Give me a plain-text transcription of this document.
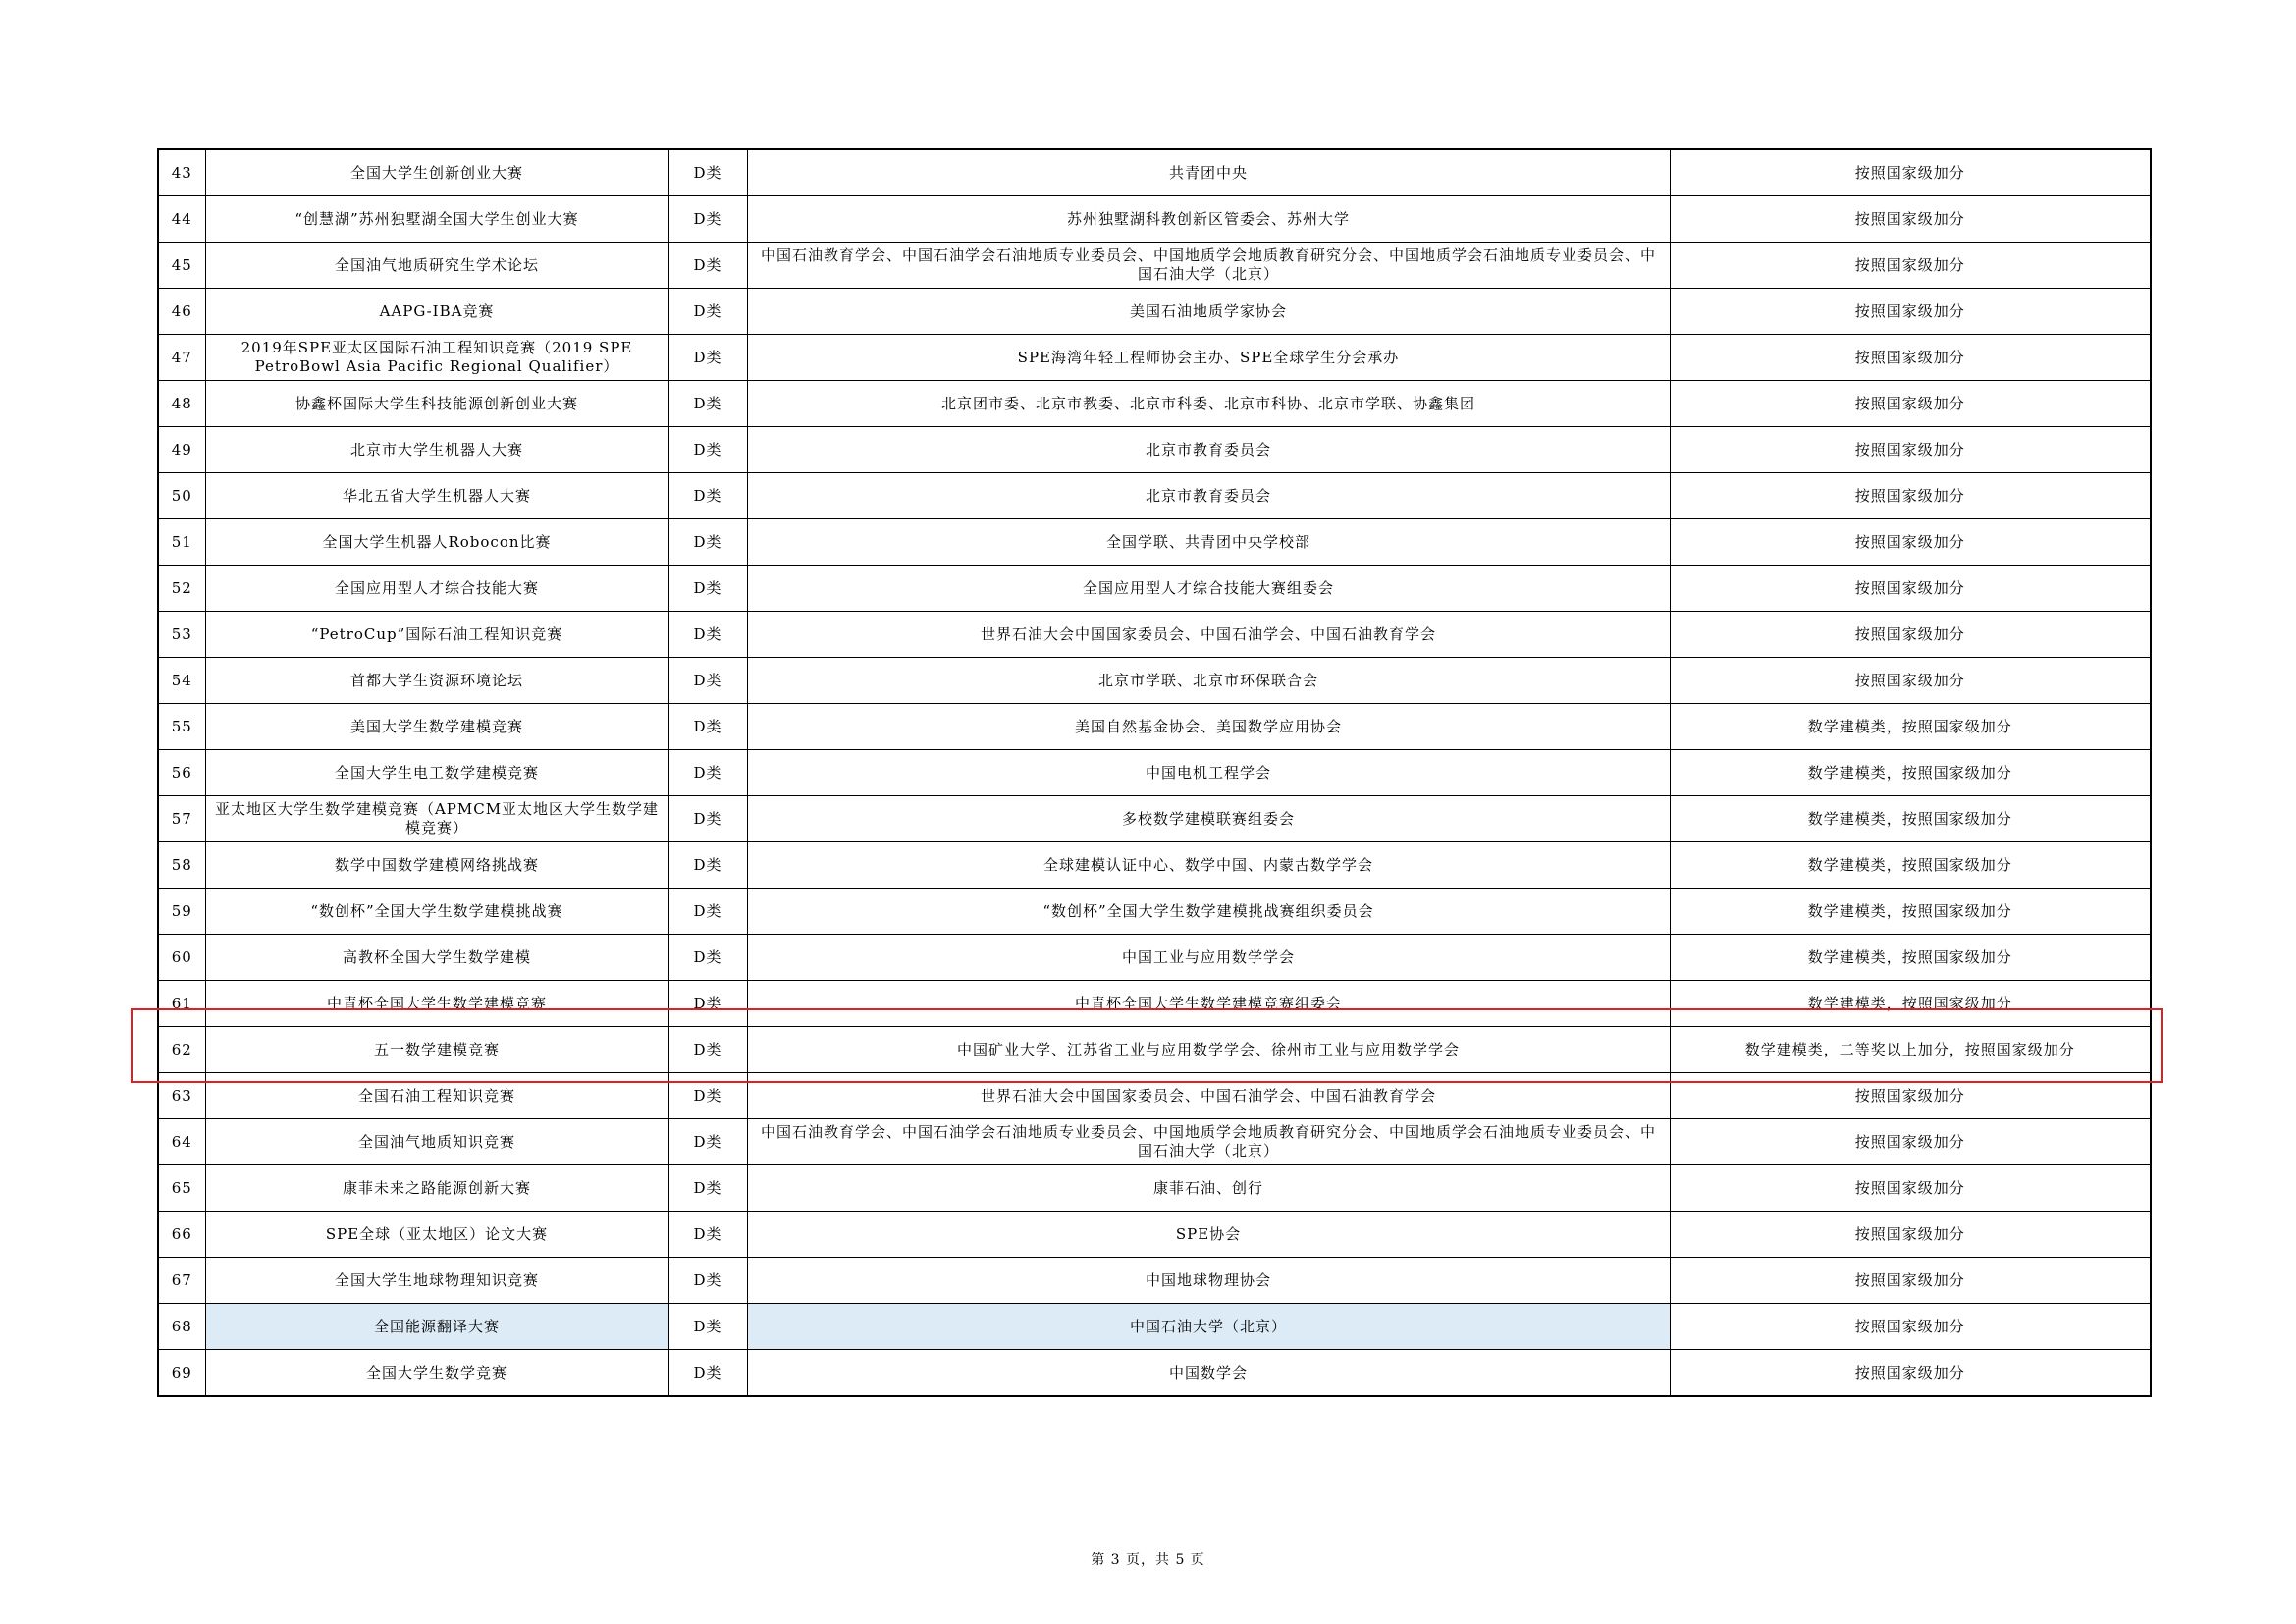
43	全国大学生创新创业大赛	D类	共青团中央	按照国家级加分
44	“创慧湖”苏州独墅湖全国大学生创业大赛	D类	苏州独墅湖科教创新区管委会、苏州大学	按照国家级加分
45	全国油气地质研究生学术论坛	D类	中国石油教育学会、中国石油学会石油地质专业委员会、中国地质学会地质教育研究分会、中国地质学会石油地质专业委员会、中国石油大学（北京）	按照国家级加分
46	AAPG-IBA竞赛	D类	美国石油地质学家协会	按照国家级加分
47	2019年SPE亚太区国际石油工程知识竞赛（2019 SPE PetroBowl Asia Pacific Regional Qualifier）	D类	SPE海湾年轻工程师协会主办、SPE全球学生分会承办	按照国家级加分
48	协鑫杯国际大学生科技能源创新创业大赛	D类	北京团市委、北京市教委、北京市科委、北京市科协、北京市学联、协鑫集团	按照国家级加分
49	北京市大学生机器人大赛	D类	北京市教育委员会	按照国家级加分
50	华北五省大学生机器人大赛	D类	北京市教育委员会	按照国家级加分
51	全国大学生机器人Robocon比赛	D类	全国学联、共青团中央学校部	按照国家级加分
52	全国应用型人才综合技能大赛	D类	全国应用型人才综合技能大赛组委会	按照国家级加分
53	“PetroCup”国际石油工程知识竞赛	D类	世界石油大会中国国家委员会、中国石油学会、中国石油教育学会	按照国家级加分
54	首都大学生资源环境论坛	D类	北京市学联、北京市环保联合会	按照国家级加分
55	美国大学生数学建模竞赛	D类	美国自然基金协会、美国数学应用协会	数学建模类，按照国家级加分
56	全国大学生电工数学建模竞赛	D类	中国电机工程学会	数学建模类，按照国家级加分
57	亚太地区大学生数学建模竞赛（APMCM亚太地区大学生数学建模竞赛）	D类	多校数学建模联赛组委会	数学建模类，按照国家级加分
58	数学中国数学建模网络挑战赛	D类	全球建模认证中心、数学中国、内蒙古数学学会	数学建模类，按照国家级加分
59	“数创杯”全国大学生数学建模挑战赛	D类	“数创杯”全国大学生数学建模挑战赛组织委员会	数学建模类，按照国家级加分
60	高教杯全国大学生数学建模	D类	中国工业与应用数学学会	数学建模类，按照国家级加分
61	中青杯全国大学生数学建模竞赛	D类	中青杯全国大学生数学建模竞赛组委会	数学建模类，按照国家级加分
62	五一数学建模竞赛	D类	中国矿业大学、江苏省工业与应用数学学会、徐州市工业与应用数学学会	数学建模类，二等奖以上加分，按照国家级加分
63	全国石油工程知识竞赛	D类	世界石油大会中国国家委员会、中国石油学会、中国石油教育学会	按照国家级加分
64	全国油气地质知识竞赛	D类	中国石油教育学会、中国石油学会石油地质专业委员会、中国地质学会地质教育研究分会、中国地质学会石油地质专业委员会、中国石油大学（北京）	按照国家级加分
65	康菲未来之路能源创新大赛	D类	康菲石油、创行	按照国家级加分
66	SPE全球（亚太地区）论文大赛	D类	SPE协会	按照国家级加分
67	全国大学生地球物理知识竞赛	D类	中国地球物理协会	按照国家级加分
68	全国能源翻译大赛	D类	中国石油大学（北京）	按照国家级加分
69	全国大学生数学竞赛	D类	中国数学会	按照国家级加分
第 3 页，共 5 页
